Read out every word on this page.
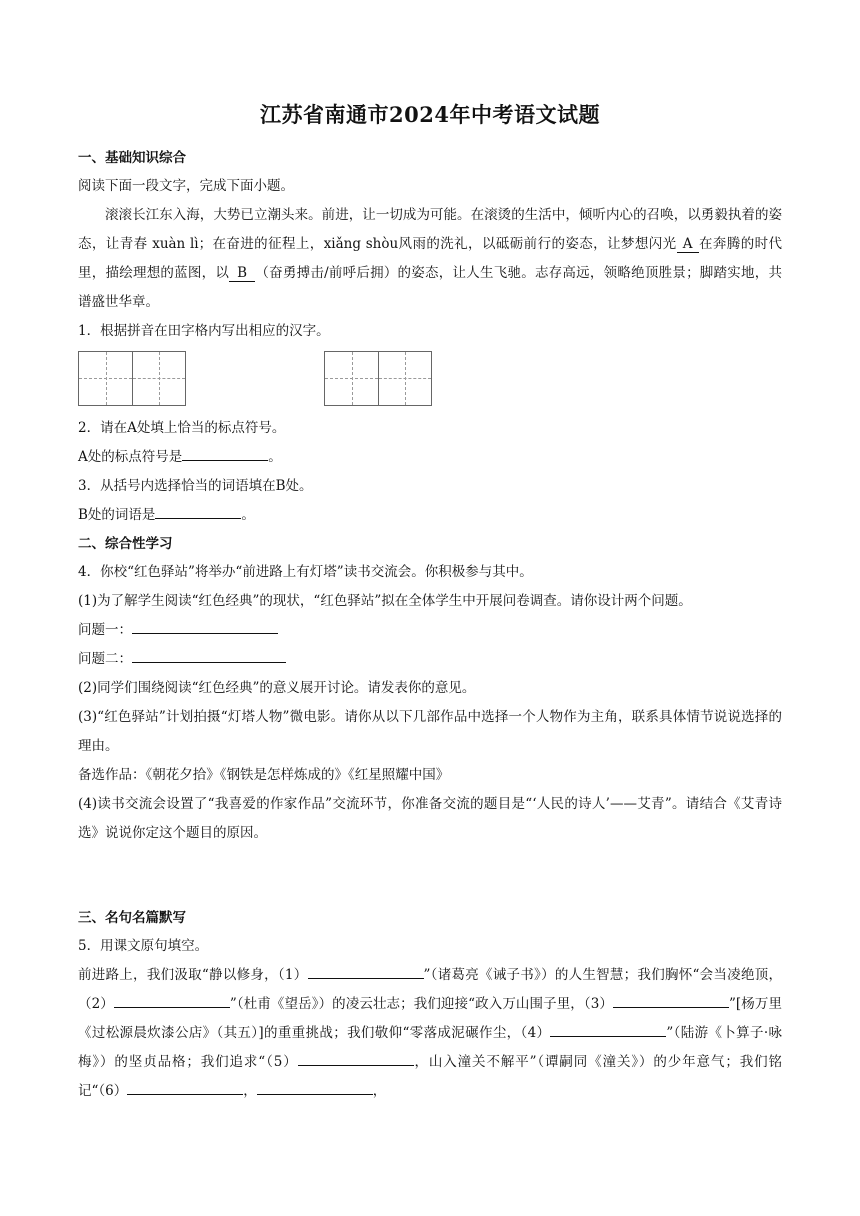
江苏省南通市2024年中考语文试题
一、基础知识综合
阅读下面一段文字，完成下面小题。
滚滚长江东入海，大势已立潮头来。前进，让一切成为可能。在滚烫的生活中，倾听内心的召唤，以勇毅执着的姿态，让青春 xuàn lì；在奋进的征程上，xiǎng shòu风雨的洗礼，以砥砺前行的姿态，让梦想闪光 A 在奔腾的时代里，描绘理想的蓝图，以 B （奋勇搏击/前呼后拥）的姿态，让人生飞驰。志存高远，领略绝顶胜景；脚踏实地，共谱盛世华章。
1．根据拼音在田字格内写出相应的汉字。
2．请在A处填上恰当的标点符号。
A处的标点符号是	。
3．从括号内选择恰当的词语填在B处。
B处的词语是	。
二、综合性学习
4．你校“红色驿站”将举办“前进路上有灯塔”读书交流会。你积极参与其中。
(1)为了解学生阅读“红色经典”的现状，“红色驿站”拟在全体学生中开展问卷调查。请你设计两个问题。
问题一：
问题二：
(2)同学们围绕阅读“红色经典”的意义展开讨论。请发表你的意见。
(3)“红色驿站”计划拍摄“灯塔人物”微电影。请你从以下几部作品中选择一个人物作为主角，联系具体情节说说选择的理由。
备选作品：《朝花夕拾》《钢铁是怎样炼成的》《红星照耀中国》
(4)读书交流会设置了“我喜爱的作家作品”交流环节，你准备交流的题目是“‘人民的诗人’——艾青”。请结合《艾青诗选》说说你定这个题目的原因。
三、名句名篇默写
5．用课文原句填空。
前进路上，我们汲取“静以修身，（1）	”（诸葛亮《诫子书》）的人生智慧；我们胸怀“会当凌绝顶，（2）	”（杜甫《望岳》）的凌云壮志；我们迎接“政入万山围子里，（3）	”[杨万里《过松源晨炊漆公店》（其五）]的重重挑战；我们敬仰“零落成泥碾作尘，（4）	”（陆游《卜算子·咏梅》）的坚贞品格；我们追求“（5）	，山入潼关不解平”（谭嗣同《潼关》）的少年意气；我们铭记“（6）	，	，
